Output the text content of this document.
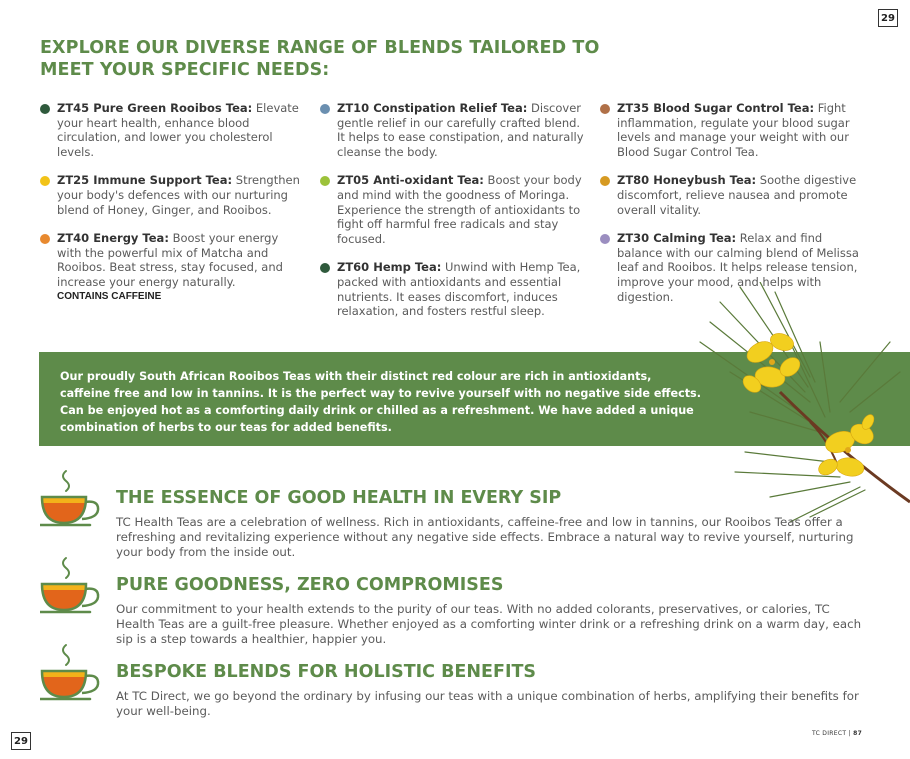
29
EXPLORE OUR DIVERSE RANGE OF BLENDS TAILORED TO MEET YOUR SPECIFIC NEEDS:
ZT45 Pure Green Rooibos Tea: Elevate your heart health, enhance blood circulation, and lower you cholesterol levels.
ZT25 Immune Support Tea: Strengthen your body's defences with our nurturing blend of Honey, Ginger, and Rooibos.
ZT40 Energy Tea: Boost your energy with the powerful mix of Matcha and Rooibos. Beat stress, stay focused, and increase your energy naturally.
CONTAINS CAFFEINE
ZT10 Constipation Relief Tea: Discover gentle relief in our carefully crafted blend. It helps to ease constipation, and naturally cleanse the body.
ZT05 Anti-oxidant Tea: Boost your body and mind with the goodness of Moringa. Experience the strength of antioxidants to fight off harmful free radicals and stay focused.
ZT60 Hemp Tea: Unwind with Hemp Tea, packed with antioxidants and essential nutrients. It eases discomfort, induces relaxation, and fosters restful sleep.
ZT35 Blood Sugar Control Tea: Fight inflammation, regulate your blood sugar levels and manage your weight with our Blood Sugar Control Tea.
ZT80 Honeybush Tea: Soothe digestive discomfort, relieve nausea and promote overall vitality.
ZT30 Calming Tea: Relax and find balance with our calming blend of Melissa leaf and Rooibos. It helps release tension, improve your mood, and helps with digestion.

Our proudly South African Rooibos Teas with their distinct red colour are rich in antioxidants, caffeine free and low in tannins. It is the perfect way to revive yourself with no negative side effects. Can be enjoyed hot as a comforting daily drink or chilled as a refreshment. We have added a unique combination of herbs to our teas for added benefits.

THE ESSENCE OF GOOD HEALTH IN EVERY SIP

TC Health Teas are a celebration of wellness. Rich in antioxidants, caffeine-free and low in tannins, our Rooibos Teas offer a refreshing and revitalizing experience without any negative side effects. Embrace a natural way to revive yourself, nurturing your body from the inside out.

PURE GOODNESS, ZERO COMPROMISES

Our commitment to your health extends to the purity of our teas. With no added colorants, preservatives, or calories, TC Health Teas are a guilt-free pleasure. Whether enjoyed as a comforting winter drink or a refreshing drink on a warm day, each sip is a step towards a healthier, happier you.

BESPOKE BLENDS FOR HOLISTIC BENEFITS

At TC Direct, we go beyond the ordinary by infusing our teas with a unique combination of herbs, amplifying their benefits for your well-being.

TC DIRECT | 87
29
